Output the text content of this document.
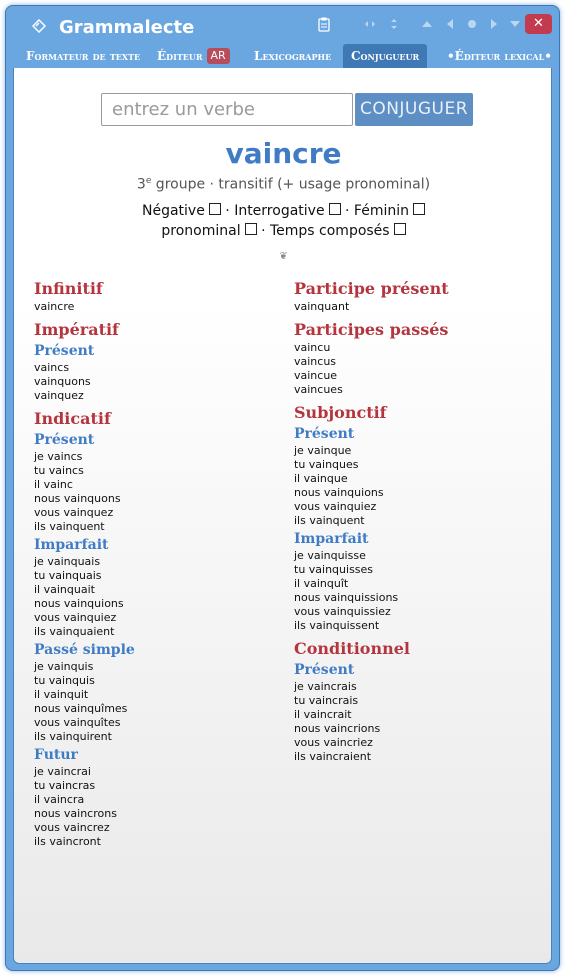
Grammalecte	✕
Formateur de texte Éditeur AR	Lexicographe	Conjugueur	•Éditeur lexical•
entrez un verbe
CONJUGUER
vaincre
3e groupe · transitif (+ usage pronominal)
Négative · Interrogative · Féminin
pronominal · Temps composés
❦
Infinitif
vaincre
Impératif
Présent
vaincs
vainquons
vainquez
Indicatif
Présent
je vaincs
tu vaincs
il vainc
nous vainquons
vous vainquez
ils vainquent
Imparfait
je vainquais
tu vainquais
il vainquait
nous vainquions
vous vainquiez
ils vainquaient
Passé simple
je vainquis
tu vainquis
il vainquit
nous vainquîmes
vous vainquîtes
ils vainquirent
Futur
je vaincrai
tu vaincras
il vaincra
nous vaincrons
vous vaincrez
ils vaincront
Participe présent
vainquant
Participes passés
vaincu
vaincus
vaincue
vaincues
Subjonctif
Présent
je vainque
tu vainques
il vainque
nous vainquions
vous vainquiez
ils vainquent
Imparfait
je vainquisse
tu vainquisses
il vainquît
nous vainquissions
vous vainquissiez
ils vainquissent
Conditionnel
Présent
je vaincrais
tu vaincrais
il vaincrait
nous vaincrions
vous vaincriez
ils vaincraient
